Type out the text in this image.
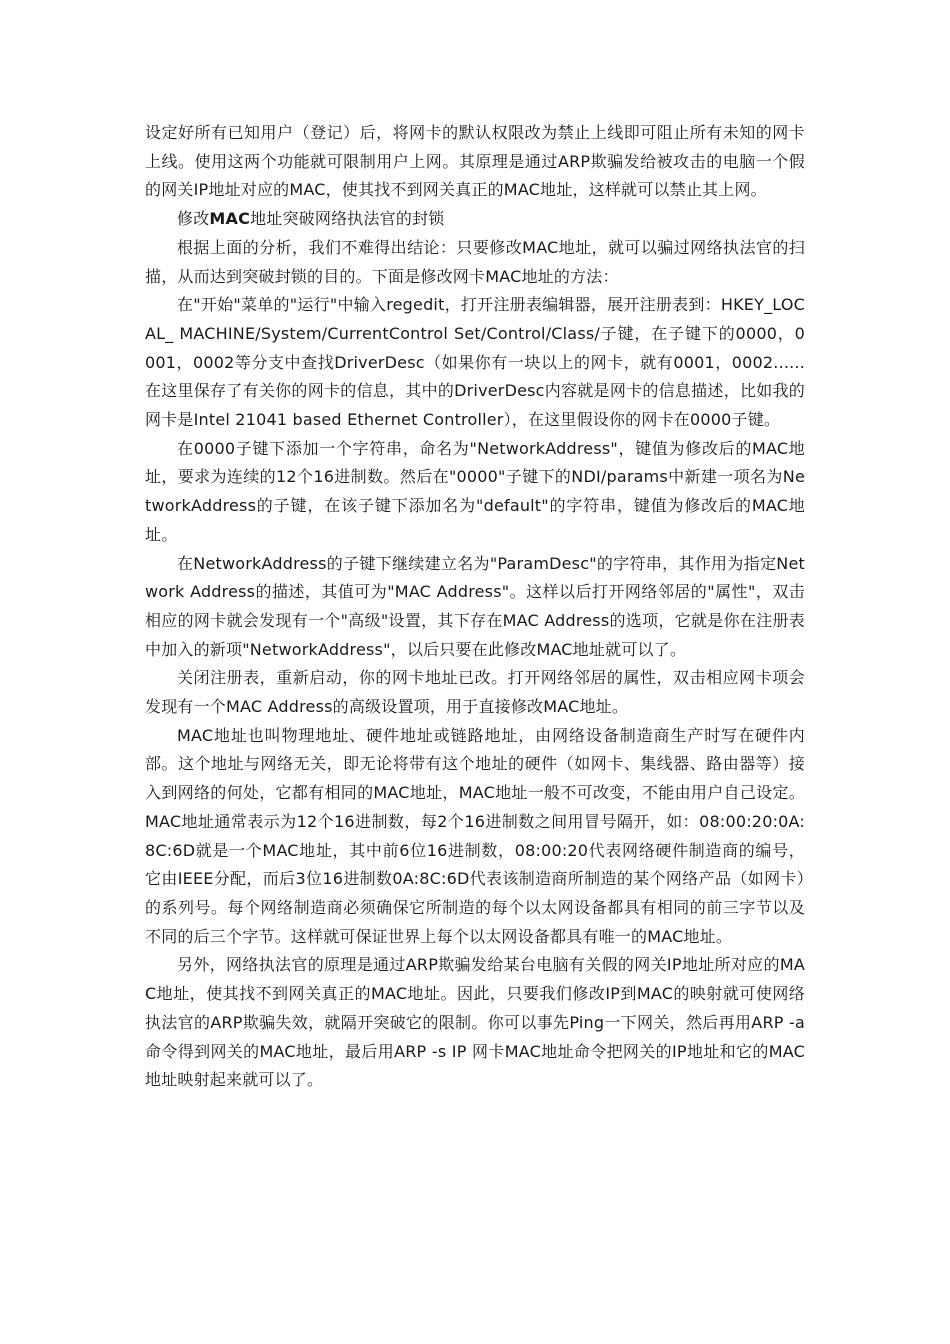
设定好所有已知用户（登记）后，将网卡的默认权限改为禁止上线即可阻止所有未知的网卡上线。使用这两个功能就可限制用户上网。其原理是通过ARP欺骗发给被攻击的电脑一个假的网关IP地址对应的MAC，使其找不到网关真正的MAC地址，这样就可以禁止其上网。

修改MAC地址突破网络执法官的封锁

根据上面的分析，我们不难得出结论：只要修改MAC地址，就可以骗过网络执法官的扫描，从而达到突破封锁的目的。下面是修改网卡MAC地址的方法：

在"开始"菜单的"运行"中输入regedit，打开注册表编辑器，展开注册表到：HKEY_LOCAL_ MACHINE/System/CurrentControl Set/Control/Class/子键，在子键下的0000，0001，0002等分支中查找DriverDesc（如果你有一块以上的网卡，就有0001，0002......在这里保存了有关你的网卡的信息，其中的DriverDesc内容就是网卡的信息描述，比如我的网卡是Intel 21041 based Ethernet Controller），在这里假设你的网卡在0000子键。

在0000子键下添加一个字符串，命名为"NetworkAddress"，键值为修改后的MAC地址，要求为连续的12个16进制数。然后在"0000"子键下的NDI/params中新建一项名为NetworkAddress的子键，在该子键下添加名为"default"的字符串，键值为修改后的MAC地址。

在NetworkAddress的子键下继续建立名为"ParamDesc"的字符串，其作用为指定Network Address的描述，其值可为"MAC Address"。这样以后打开网络邻居的"属性"，双击相应的网卡就会发现有一个"高级"设置，其下存在MAC Address的选项，它就是你在注册表中加入的新项"NetworkAddress"，以后只要在此修改MAC地址就可以了。

关闭注册表，重新启动，你的网卡地址已改。打开网络邻居的属性，双击相应网卡项会发现有一个MAC Address的高级设置项，用于直接修改MAC地址。

MAC地址也叫物理地址、硬件地址或链路地址，由网络设备制造商生产时写在硬件内部。这个地址与网络无关，即无论将带有这个地址的硬件（如网卡、集线器、路由器等）接入到网络的何处，它都有相同的MAC地址，MAC地址一般不可改变，不能由用户自己设定。MAC地址通常表示为12个16进制数，每2个16进制数之间用冒号隔开，如：08:00:20:0A:8C:6D就是一个MAC地址，其中前6位16进制数，08:00:20代表网络硬件制造商的编号，它由IEEE分配，而后3位16进制数0A:8C:6D代表该制造商所制造的某个网络产品（如网卡）的系列号。每个网络制造商必须确保它所制造的每个以太网设备都具有相同的前三字节以及不同的后三个字节。这样就可保证世界上每个以太网设备都具有唯一的MAC地址。

另外，网络执法官的原理是通过ARP欺骗发给某台电脑有关假的网关IP地址所对应的MAC地址，使其找不到网关真正的MAC地址。因此，只要我们修改IP到MAC的映射就可使网络执法官的ARP欺骗失效，就隔开突破它的限制。你可以事先Ping一下网关，然后再用ARP -a命令得到网关的MAC地址，最后用ARP -s IP 网卡MAC地址命令把网关的IP地址和它的MAC地址映射起来就可以了。
